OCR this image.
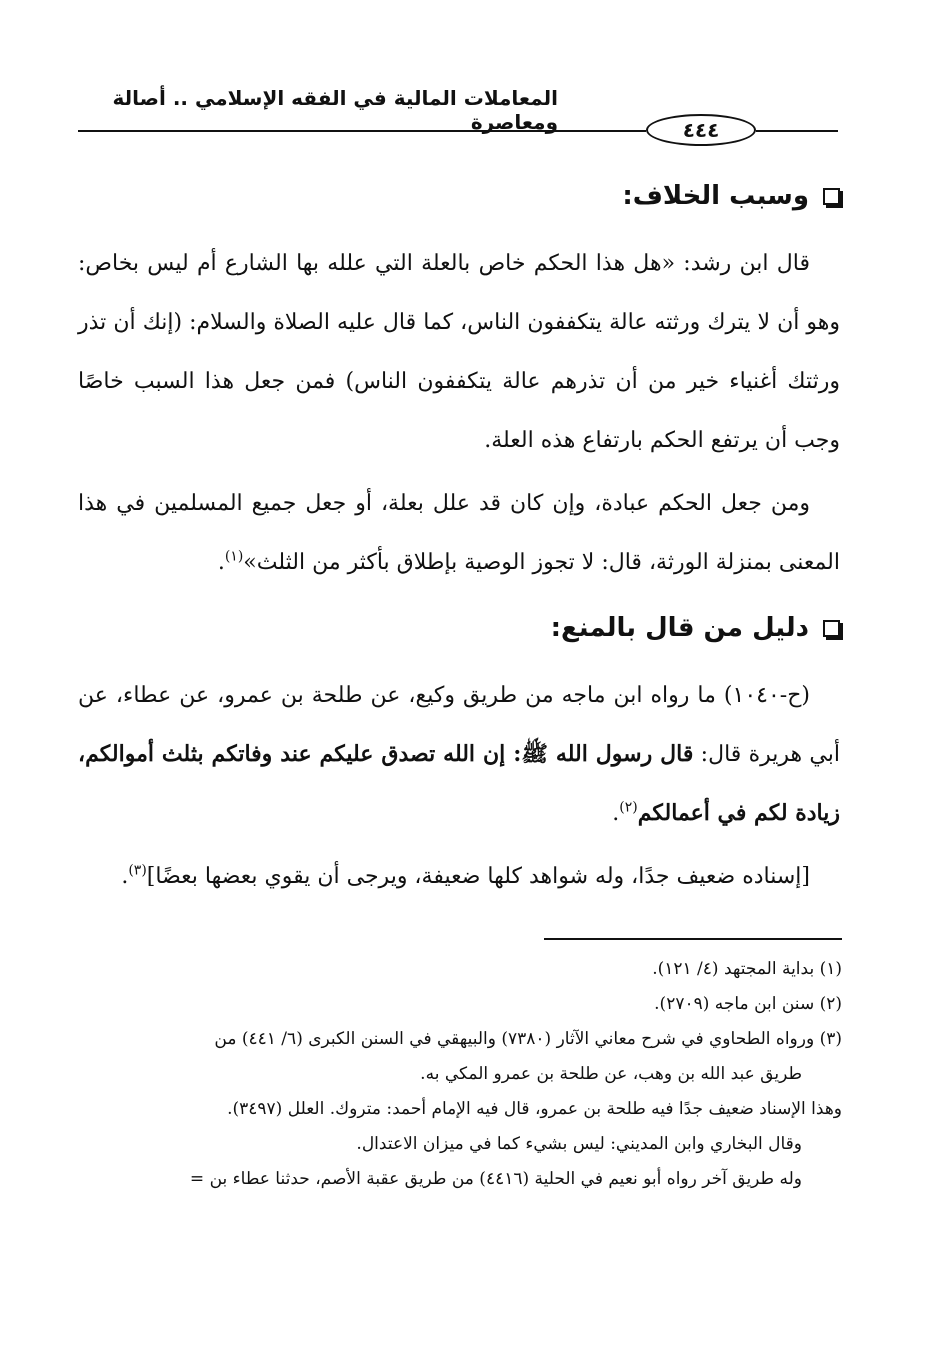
المعاملات المالية في الفقه الإسلامي .. أصالة ومعاصرة	٤٤٤
وسبب الخلاف:

قال ابن رشد: «هل هذا الحكم خاص بالعلة التي علله بها الشارع أم ليس بخاص: وهو أن لا يترك ورثته عالة يتكففون الناس، كما قال عليه الصلاة والسلام: (إنك أن تذر ورثتك أغنياء خير من أن تذرهم عالة يتكففون الناس) فمن جعل هذا السبب خاصًا وجب أن يرتفع الحكم بارتفاع هذه العلة.

ومن جعل الحكم عبادة، وإن كان قد علل بعلة، أو جعل جميع المسلمين في هذا المعنى بمنزلة الورثة، قال: لا تجوز الوصية بإطلاق بأكثر من الثلث»$^{(١)}$.

دليل من قال بالمنع:

(ح-١٠٤٠) ما رواه ابن ماجه من طريق وكيع، عن طلحة بن عمرو، عن عطاء، عن أبي هريرة قال: قال رسول الله ﷺ: إن الله تصدق عليكم عند وفاتكم بثلث أموالكم، زيادة لكم في أعمالكم$^{(٢)}$.

[إسناده ضعيف جدًا، وله شواهد كلها ضعيفة، ويرجى أن يقوي بعضها بعضًا]$^{(٣)}$.

(١) بداية المجتهد (٤/ ١٢١).

(٢) سنن ابن ماجه (٢٧٠٩).

(٣) ورواه الطحاوي في شرح معاني الآثار (٧٣٨٠) والبيهقي في السنن الكبرى (٦/ ٤٤١) من

طريق عبد الله بن وهب، عن طلحة بن عمرو المكي به.

وهذا الإسناد ضعيف جدًا فيه طلحة بن عمرو، قال فيه الإمام أحمد: متروك. العلل (٣٤٩٧).

وقال البخاري وابن المديني: ليس بشيء كما في ميزان الاعتدال.

وله طريق آخر رواه أبو نعيم في الحلية (٤٤١٦) من طريق عقبة الأصم، حدثنا عطاء بن =
